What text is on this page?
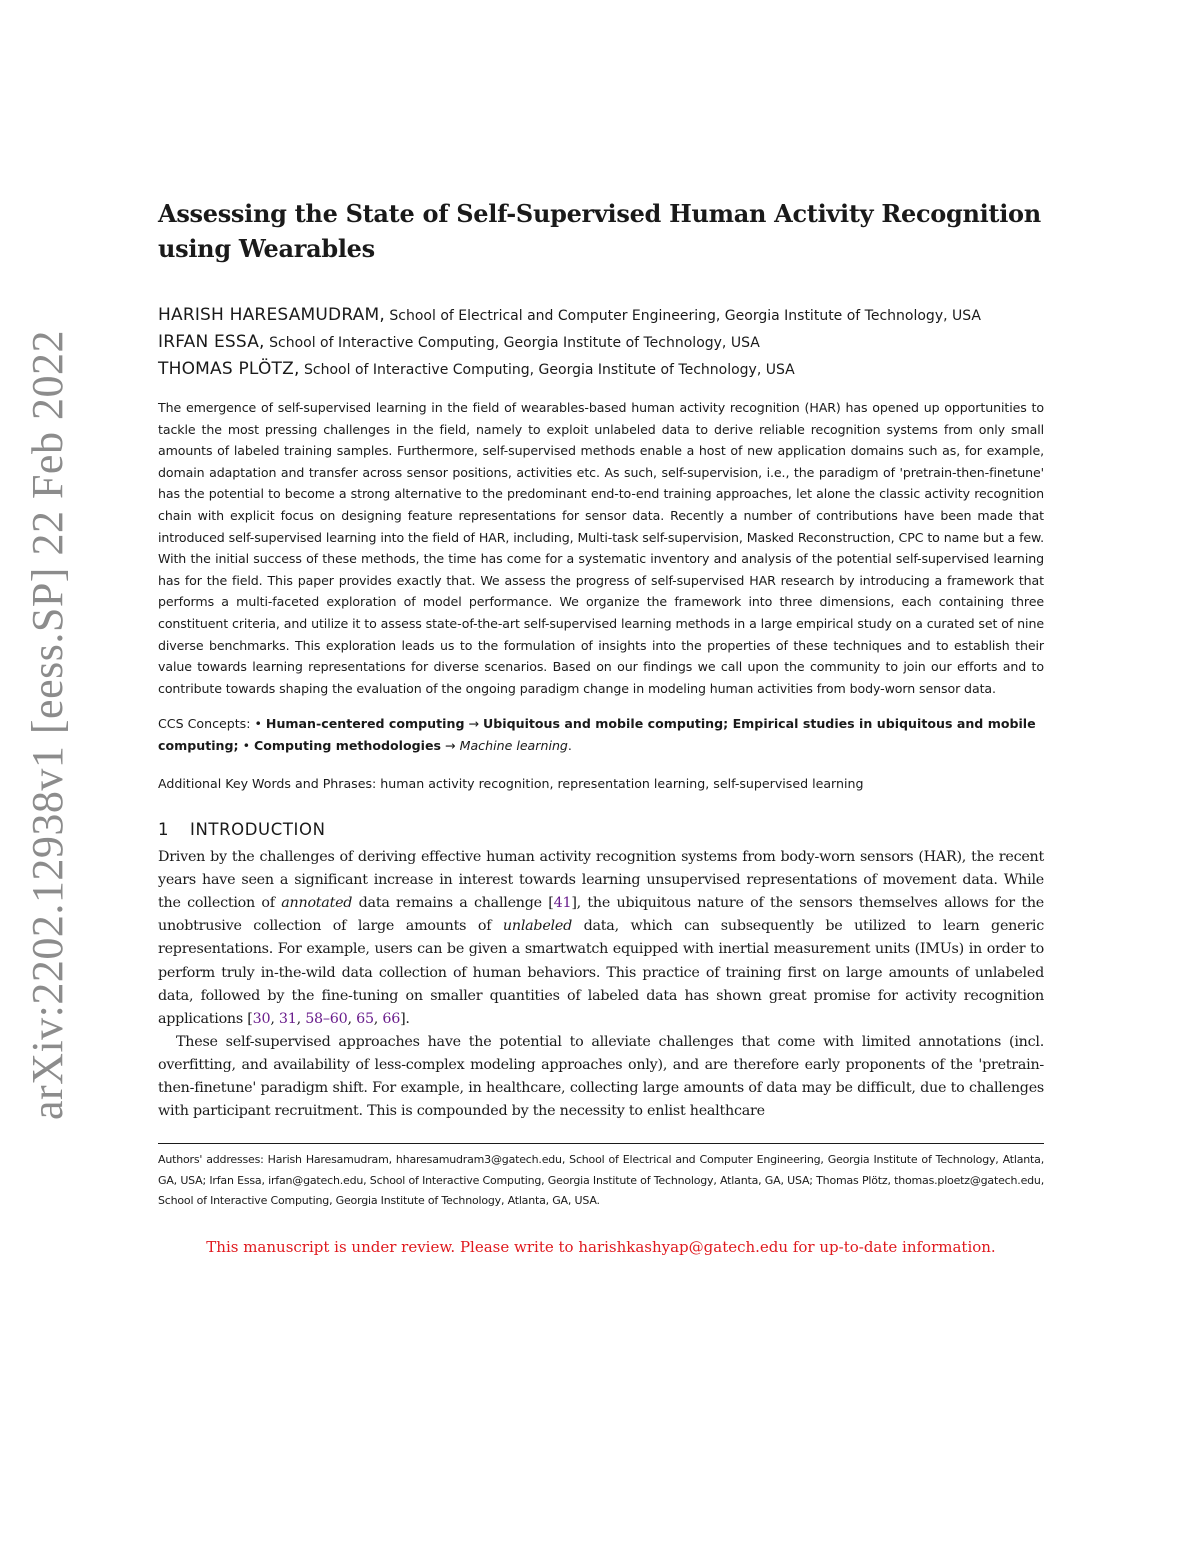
arXiv:2202.12938v1 [eess.SP] 22 Feb 2022
Assessing the State of Self-Supervised Human Activity Recognition using Wearables

HARISH HARESAMUDRAM, School of Electrical and Computer Engineering, Georgia Institute of Technology, USA

IRFAN ESSA, School of Interactive Computing, Georgia Institute of Technology, USA

THOMAS PLÖTZ, School of Interactive Computing, Georgia Institute of Technology, USA

The emergence of self-supervised learning in the field of wearables-based human activity recognition (HAR) has opened up opportunities to tackle the most pressing challenges in the field, namely to exploit unlabeled data to derive reliable recognition systems from only small amounts of labeled training samples. Furthermore, self-supervised methods enable a host of new application domains such as, for example, domain adaptation and transfer across sensor positions, activities etc. As such, self-supervision, i.e., the paradigm of 'pretrain-then-finetune' has the potential to become a strong alternative to the predominant end-to-end training approaches, let alone the classic activity recognition chain with explicit focus on designing feature representations for sensor data. Recently a number of contributions have been made that introduced self-supervised learning into the field of HAR, including, Multi-task self-supervision, Masked Reconstruction, CPC to name but a few. With the initial success of these methods, the time has come for a systematic inventory and analysis of the potential self-supervised learning has for the field. This paper provides exactly that. We assess the progress of self-supervised HAR research by introducing a framework that performs a multi-faceted exploration of model performance. We organize the framework into three dimensions, each containing three constituent criteria, and utilize it to assess state-of-the-art self-supervised learning methods in a large empirical study on a curated set of nine diverse benchmarks. This exploration leads us to the formulation of insights into the properties of these techniques and to establish their value towards learning representations for diverse scenarios. Based on our findings we call upon the community to join our efforts and to contribute towards shaping the evaluation of the ongoing paradigm change in modeling human activities from body-worn sensor data.

CCS Concepts: • Human-centered computing → Ubiquitous and mobile computing; Empirical studies in ubiquitous and mobile computing; • Computing methodologies → Machine learning.

Additional Key Words and Phrases: human activity recognition, representation learning, self-supervised learning

1 INTRODUCTION

Driven by the challenges of deriving effective human activity recognition systems from body-worn sensors (HAR), the recent years have seen a significant increase in interest towards learning unsupervised representations of movement data. While the collection of annotated data remains a challenge [41], the ubiquitous nature of the sensors themselves allows for the unobtrusive collection of large amounts of unlabeled data, which can subsequently be utilized to learn generic representations. For example, users can be given a smartwatch equipped with inertial measurement units (IMUs) in order to perform truly in-the-wild data collection of human behaviors. This practice of training first on large amounts of unlabeled data, followed by the fine-tuning on smaller quantities of labeled data has shown great promise for activity recognition applications [30, 31, 58–60, 65, 66].

These self-supervised approaches have the potential to alleviate challenges that come with limited annotations (incl. overfitting, and availability of less-complex modeling approaches only), and are therefore early proponents of the 'pretrain-then-finetune' paradigm shift. For example, in healthcare, collecting large amounts of data may be difficult, due to challenges with participant recruitment. This is compounded by the necessity to enlist healthcare

Authors' addresses: Harish Haresamudram, hharesamudram3@gatech.edu, School of Electrical and Computer Engineering, Georgia Institute of Technology, Atlanta, GA, USA; Irfan Essa, irfan@gatech.edu, School of Interactive Computing, Georgia Institute of Technology, Atlanta, GA, USA; Thomas Plötz, thomas.ploetz@gatech.edu, School of Interactive Computing, Georgia Institute of Technology, Atlanta, GA, USA.

This manuscript is under review. Please write to harishkashyap@gatech.edu for up-to-date information.
